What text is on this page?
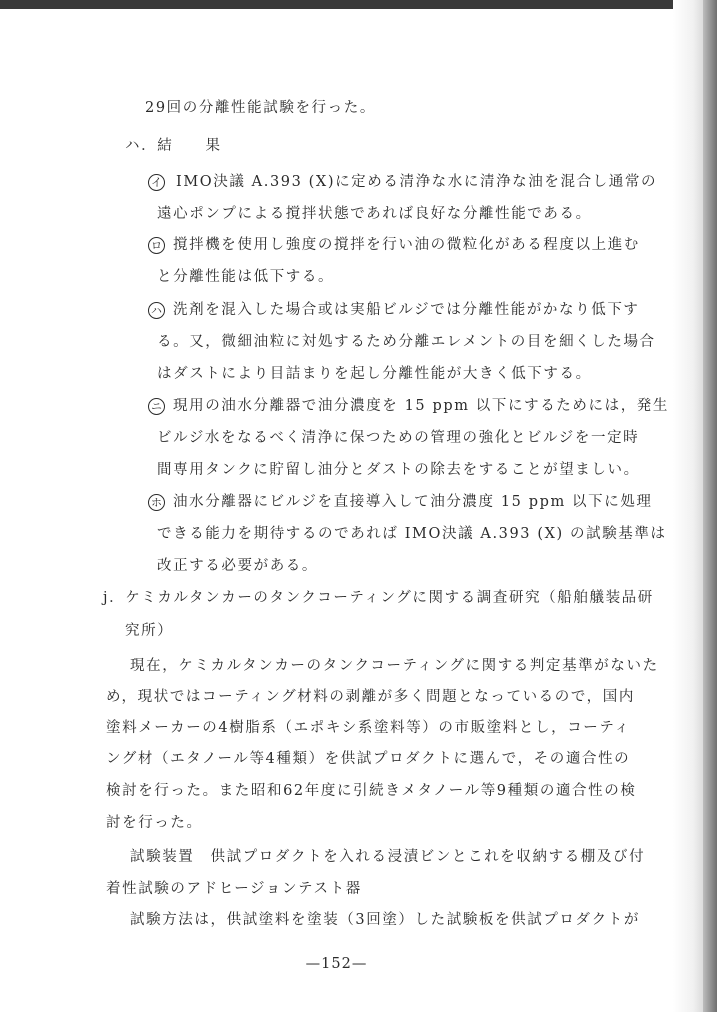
29回の分離性能試験を行った。
ハ．結　　果
イ IMO決議 A.393 (X)に定める清浄な水に清浄な油を混合し通常の
遠心ポンプによる撹拌状態であれば良好な分離性能である。
ロ 撹拌機を使用し強度の撹拌を行い油の微粒化がある程度以上進む
と分離性能は低下する。
ハ 洗剤を混入した場合或は実船ビルジでは分離性能がかなり低下す
る。又，微細油粒に対処するため分離エレメントの目を細くした場合
はダストにより目詰まりを起し分離性能が大きく低下する。
ニ 現用の油水分離器で油分濃度を 15 ppm 以下にするためには，発生
ビルジ水をなるべく清浄に保つための管理の強化とビルジを一定時
間専用タンクに貯留し油分とダストの除去をすることが望ましい。
ホ 油水分離器にビルジを直接導入して油分濃度 15 ppm 以下に処理
できる能力を期待するのであれば IMO決議 A.393 (X) の試験基準は
改正する必要がある。
j．ケミカルタンカーのタンクコーティングに関する調査研究（船舶艤装品研
究所）
現在，ケミカルタンカーのタンクコーティングに関する判定基準がないた
め，現状ではコーティング材料の剥離が多く問題となっているので，国内
塗料メーカーの4樹脂系（エポキシ系塗料等）の市販塗料とし，コーティ
ング材（エタノール等4種類）を供試プロダクトに選んで，その適合性の
検討を行った。また昭和62年度に引続きメタノール等9種類の適合性の検
討を行った。
試験装置　供試プロダクトを入れる浸漬ビンとこれを収納する棚及び付
着性試験のアドヒージョンテスト器
試験方法は，供試塗料を塗装（3回塗）した試験板を供試プロダクトが
—152—
